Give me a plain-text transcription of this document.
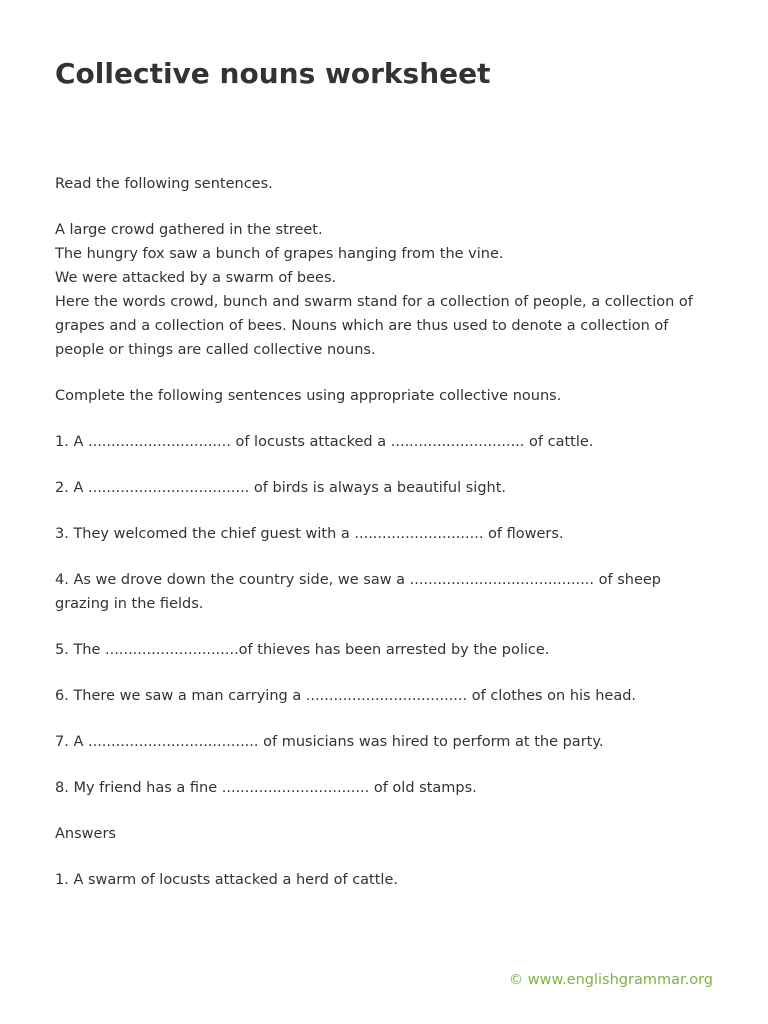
Collective nouns worksheet

Read the following sentences.

A large crowd gathered in the street.

The hungry fox saw a bunch of grapes hanging from the vine.

We were attacked by a swarm of bees.

Here the words crowd, bunch and swarm stand for a collection of people, a collection of grapes and a collection of bees. Nouns which are thus used to denote a collection of people or things are called collective nouns.

Complete the following sentences using appropriate collective nouns.

1. A ............................... of locusts attacked a ............................. of cattle.

2. A ................................... of birds is always a beautiful sight.

3. They welcomed the chief guest with a ............................ of flowers.

4. As we drove down the country side, we saw a ........................................ of sheep grazing in the fields.

5. The .............................of thieves has been arrested by the police.

6. There we saw a man carrying a ................................... of clothes on his head.

7. A ..................................... of musicians was hired to perform at the party.

8. My friend has a fine ................................ of old stamps.

Answers

1. A swarm of locusts attacked a herd of cattle.

© www.englishgrammar.org
